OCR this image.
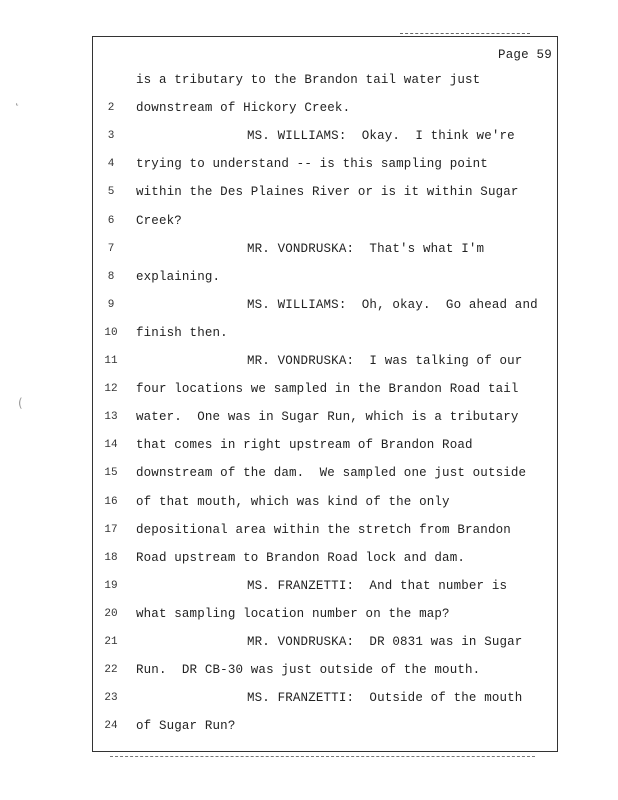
Page 59
is a tributary to the Brandon tail water just
2	downstream of Hickory Creek.
3	MS. WILLIAMS:  Okay.  I think we're
4	trying to understand -- is this sampling point
5	within the Des Plaines River or is it within Sugar
6	Creek?
7	MR. VONDRUSKA:  That's what I'm
8	explaining.
9	MS. WILLIAMS:  Oh, okay.  Go ahead and
10	finish then.
11	MR. VONDRUSKA:  I was talking of our
12	four locations we sampled in the Brandon Road tail
13	water.  One was in Sugar Run, which is a tributary
14	that comes in right upstream of Brandon Road
15	downstream of the dam.  We sampled one just outside
16	of that mouth, which was kind of the only
17	depositional area within the stretch from Brandon
18	Road upstream to Brandon Road lock and dam.
19	MS. FRANZETTI:  And that number is
20	what sampling location number on the map?
21	MR. VONDRUSKA:  DR 0831 was in Sugar
22	Run.  DR CB-30 was just outside of the mouth.
23	MS. FRANZETTI:  Outside of the mouth
24	of Sugar Run?
˛
(
